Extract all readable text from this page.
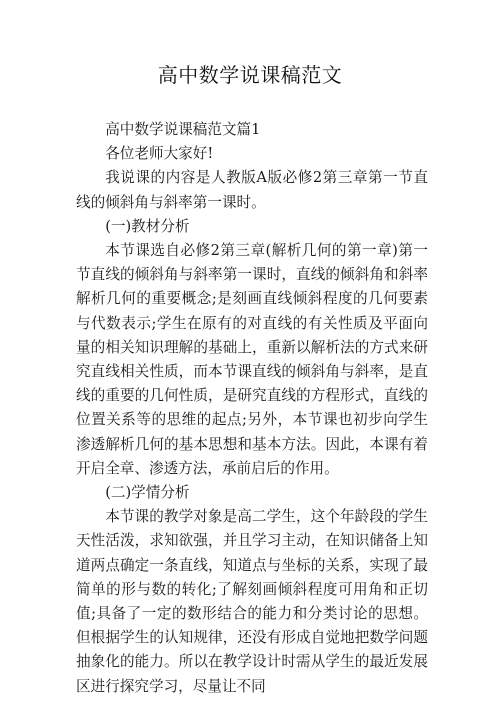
高中数学说课稿范文

高中数学说课稿范文篇1

各位老师大家好!

我说课的内容是人教版A版必修2第三章第一节直线的倾斜角与斜率第一课时。

(一)教材分析

本节课选自必修2第三章(解析几何的第一章)第一节直线的倾斜角与斜率第一课时，直线的倾斜角和斜率解析几何的重要概念;是刻画直线倾斜程度的几何要素与代数表示;学生在原有的对直线的有关性质及平面向量的相关知识理解的基础上，重新以解析法的方式来研究直线相关性质，而本节课直线的倾斜角与斜率，是直线的重要的几何性质，是研究直线的方程形式，直线的位置关系等的思维的起点;另外，本节课也初步向学生渗透解析几何的基本思想和基本方法。因此，本课有着开启全章、渗透方法，承前启后的作用。

(二)学情分析

本节课的教学对象是高二学生，这个年龄段的学生天性活泼，求知欲强，并且学习主动，在知识储备上知道两点确定一条直线，知道点与坐标的关系，实现了最简单的形与数的转化;了解刻画倾斜程度可用角和正切值;具备了一定的数形结合的能力和分类讨论的思想。但根据学生的认知规律，还没有形成自觉地把数学问题抽象化的能力。所以在教学设计时需从学生的最近发展区进行探究学习，尽量让不同
